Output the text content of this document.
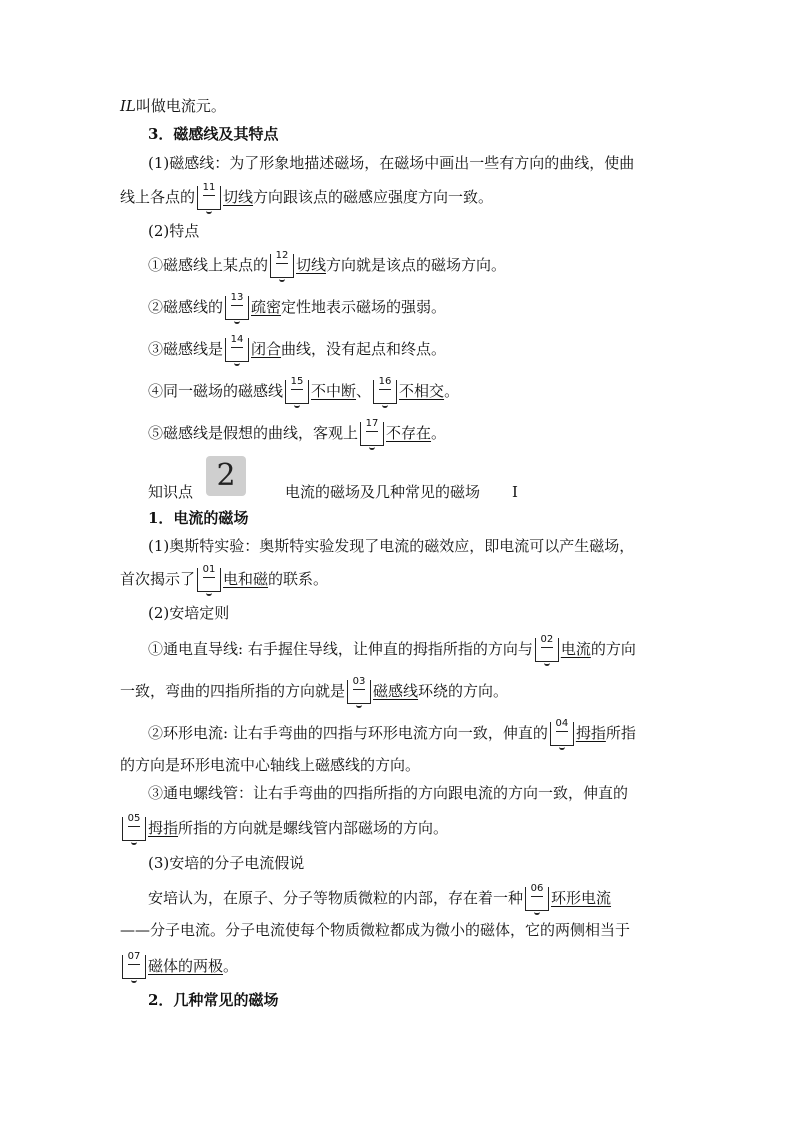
IL叫做电流元。
3．磁感线及其特点
(1)磁感线：为了形象地描述磁场，在磁场中画出一些有方向的曲线，使曲
线上各点的
11
切线方向跟该点的磁感应强度方向一致。
(2)特点
①磁感线上某点的
12
切线方向就是该点的磁场方向。
②磁感线的
13
疏密定性地表示磁场的强弱。
③磁感线是
14
闭合曲线，没有起点和终点。
④同一磁场的磁感线
15
不中断、
16
不相交。
⑤磁感线是假想的曲线，客观上
17
不存在。
知识点 2	电流的磁场及几种常见的磁场 Ⅰ
1．电流的磁场
(1)奥斯特实验：奥斯特实验发现了电流的磁效应，即电流可以产生磁场，
首次揭示了
01
电和磁的联系。
(2)安培定则
①通电直导线: 右手握住导线，让伸直的拇指所指的方向与
02
电流的方向
一致，弯曲的四指所指的方向就是
03
磁感线环绕的方向。
②环形电流: 让右手弯曲的四指与环形电流方向一致，伸直的
04
拇指所指
的方向是环形电流中心轴线上磁感线的方向。
③通电螺线管：让右手弯曲的四指所指的方向跟电流的方向一致，伸直的
05
拇指所指的方向就是螺线管内部磁场的方向。
(3)安培的分子电流假说
安培认为，在原子、分子等物质微粒的内部，存在着一种
06
环形电流
——分子电流。分子电流使每个物质微粒都成为微小的磁体，它的两侧相当于
07
磁体的两极。
2．几种常见的磁场
